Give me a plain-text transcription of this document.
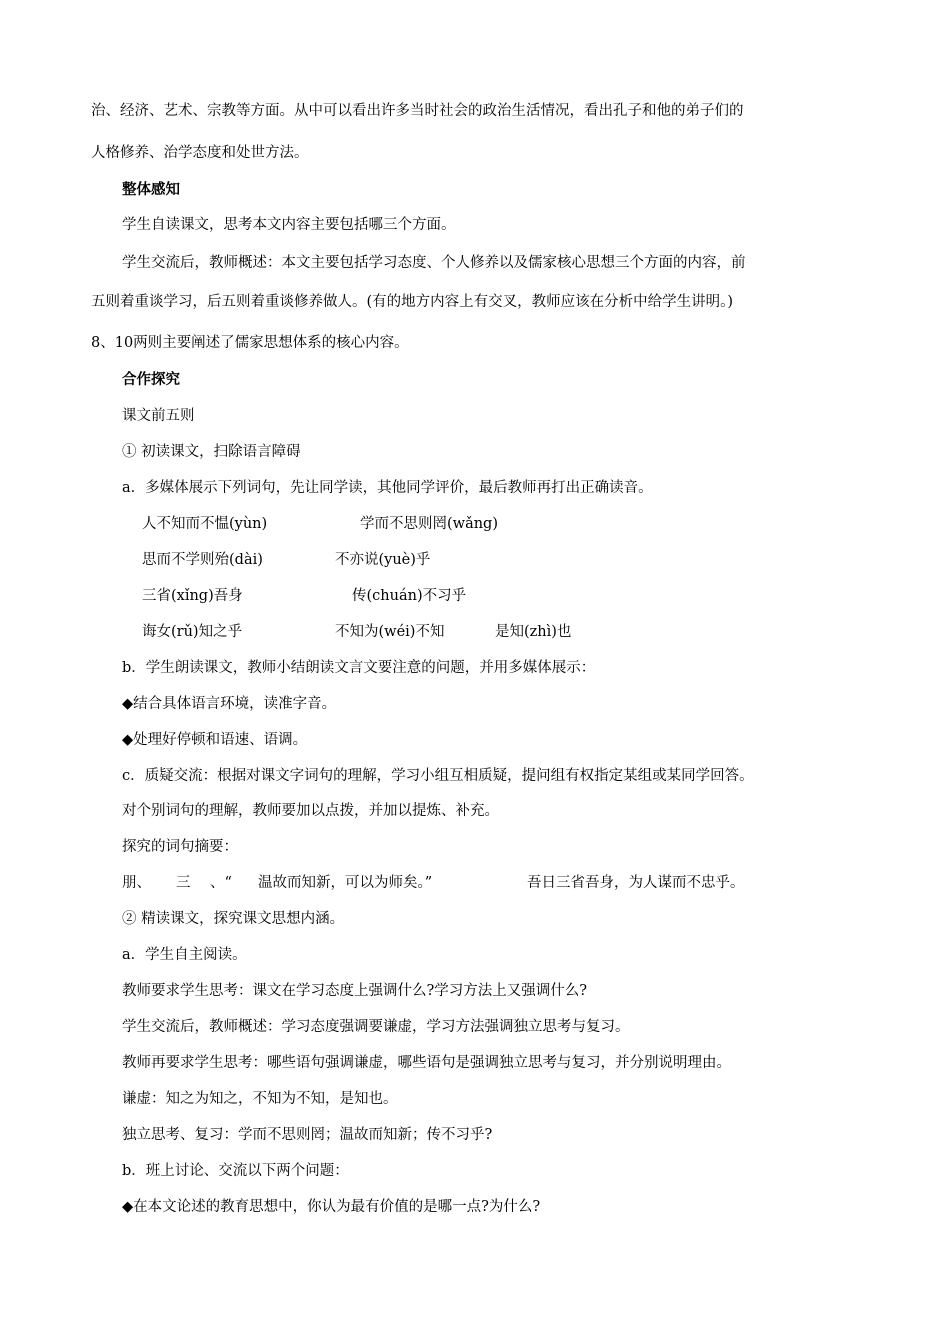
治、经济、艺术、宗教等方面。从中可以看出许多当时社会的政治生活情况，看出孔子和他的弟子们的
人格修养、治学态度和处世方法。
整体感知
学生自读课文，思考本文内容主要包括哪三个方面。
学生交流后，教师概述：本文主要包括学习态度、个人修养以及儒家核心思想三个方面的内容，前
五则着重谈学习，后五则着重谈修养做人。(有的地方内容上有交叉，教师应该在分析中给学生讲明。)
8、10两则主要阐述了儒家思想体系的核心内容。
合作探究
课文前五则
① 初读课文，扫除语言障碍
a．多媒体展示下列词句，先让同学读，其他同学评价，最后教师再打出正确读音。
人不知而不愠(yùn)	学而不思则罔(wǎng)
思而不学则殆(dài)	不亦说(yuè)乎
三省(xǐng)吾身	传(chuán)不习乎
诲女(rǔ)知之乎	不知为(wéi)不知	是知(zhì)也
b．学生朗读课文，教师小结朗读文言文要注意的问题，并用多媒体展示：
◆结合具体语言环境，读准字音。
◆处理好停顿和语速、语调。
c．质疑交流：根据对课文字词句的理解，学习小组互相质疑，提问组有权指定某组或某同学回答。
对个别词句的理解，教师要加以点拨，并加以提炼、补充。
探究的词句摘要：
朋、 三 、“ 温故而知新，可以为师矣。”	吾日三省吾身，为人谋而不忠乎。
② 精读课文，探究课文思想内涵。
a．学生自主阅读。
教师要求学生思考：课文在学习态度上强调什么?学习方法上又强调什么?
学生交流后，教师概述：学习态度强调要谦虚，学习方法强调独立思考与复习。
教师再要求学生思考：哪些语句强调谦虚，哪些语句是强调独立思考与复习，并分别说明理由。
谦虚：知之为知之，不知为不知，是知也。
独立思考、复习：学而不思则罔；温故而知新；传不习乎?
b．班上讨论、交流以下两个问题：
◆在本文论述的教育思想中，你认为最有价值的是哪一点?为什么?
